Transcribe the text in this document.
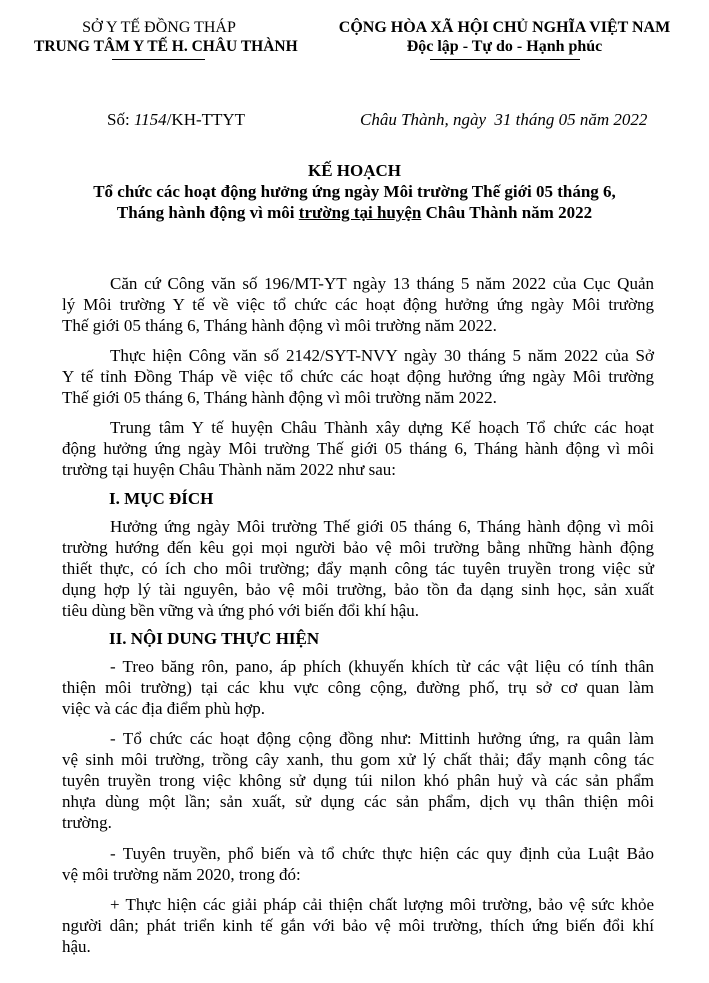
SỞ Y TẾ ĐỒNG THÁP
TRUNG TÂM Y TẾ H. CHÂU THÀNH
CỘNG HÒA XÃ HỘI CHỦ NGHĨA VIỆT NAM
Độc lập - Tự do - Hạnh phúc
Số: 1154/KH-TTYT	Châu Thành, ngày 31 tháng 05 năm 2022
KẾ HOẠCH
Tổ chức các hoạt động hưởng ứng ngày Môi trường Thế giới 05 tháng 6,
Tháng hành động vì môi trường tại huyện Châu Thành năm 2022
Căn cứ Công văn số 196/MT-YT ngày 13 tháng 5 năm 2022 của Cục Quản
lý Môi trường Y tế về việc tổ chức các hoạt động hưởng ứng ngày Môi trường
Thế giới 05 tháng 6, Tháng hành động vì môi trường năm 2022.
Thực hiện Công văn số 2142/SYT-NVY ngày 30 tháng 5 năm 2022 của Sở
Y tế tỉnh Đồng Tháp về việc tổ chức các hoạt động hưởng ứng ngày Môi trường
Thế giới 05 tháng 6, Tháng hành động vì môi trường năm 2022.
Trung tâm Y tế huyện Châu Thành xây dựng Kế hoạch Tổ chức các hoạt
động hưởng ứng ngày Môi trường Thế giới 05 tháng 6, Tháng hành động vì môi
trường tại huyện Châu Thành năm 2022 như sau:
I. MỤC ĐÍCH
Hưởng ứng ngày Môi trường Thế giới 05 tháng 6, Tháng hành động vì môi
trường hướng đến kêu gọi mọi người bảo vệ môi trường bằng những hành động
thiết thực, có ích cho môi trường; đẩy mạnh công tác tuyên truyền trong việc sử
dụng hợp lý tài nguyên, bảo vệ môi trường, bảo tồn đa dạng sinh học, sản xuất
tiêu dùng bền vững và ứng phó với biến đổi khí hậu.
II. NỘI DUNG THỰC HIỆN
- Treo băng rôn, pano, áp phích (khuyến khích từ các vật liệu có tính thân
thiện môi trường) tại các khu vực công cộng, đường phố, trụ sở cơ quan làm
việc và các địa điểm phù hợp.
- Tổ chức các hoạt động cộng đồng như: Mittinh hưởng ứng, ra quân làm
vệ sinh môi trường, trồng cây xanh, thu gom xử lý chất thải; đẩy mạnh công tác
tuyên truyền trong việc không sử dụng túi nilon khó phân huỷ và các sản phẩm
nhựa dùng một lần; sản xuất, sử dụng các sản phẩm, dịch vụ thân thiện môi
trường.
- Tuyên truyền, phổ biến và tổ chức thực hiện các quy định của Luật Bảo
vệ môi trường năm 2020, trong đó:
+ Thực hiện các giải pháp cải thiện chất lượng môi trường, bảo vệ sức khỏe
người dân; phát triển kinh tế gắn với bảo vệ môi trường, thích ứng biến đổi khí
hậu.
